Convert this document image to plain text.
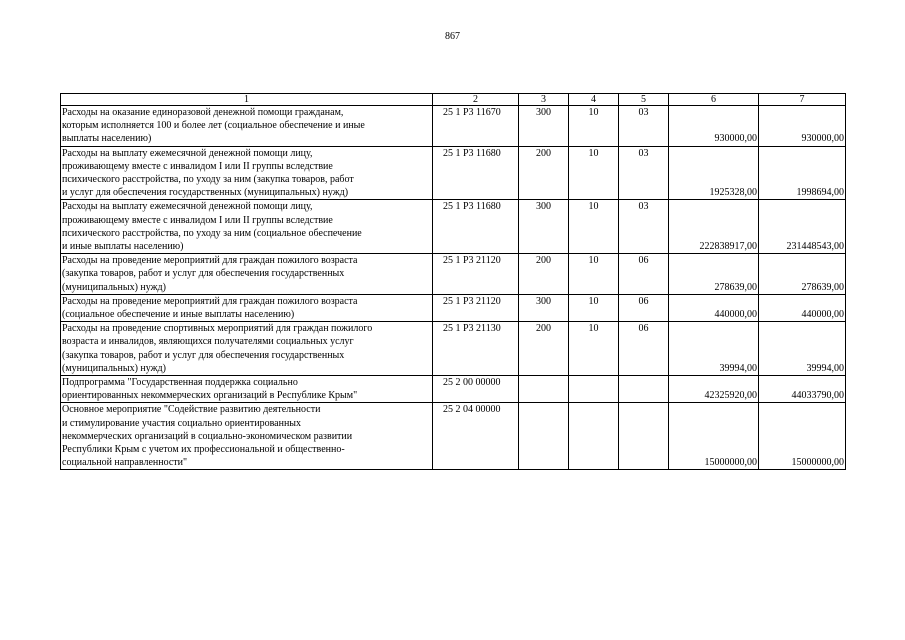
867
1	2	3	4	5	6	7

Расходы на оказание единоразовой денежной помощи гражданам,
которым исполняется 100 и более лет (социальное обеспечение и иные
выплаты населению)	25 1 Р3 11670	300	10	03	930000,00	930000,00

Расходы на выплату ежемесячной денежной помощи лицу,
проживающему вместе с инвалидом I или II группы вследствие
психического расстройства, по уходу за ним (закупка товаров, работ
и услуг для обеспечения государственных (муниципальных) нужд)	25 1 Р3 11680	200	10	03	1925328,00	1998694,00

Расходы на выплату ежемесячной денежной помощи лицу,
проживающему вместе с инвалидом I или II группы вследствие
психического расстройства, по уходу за ним (социальное обеспечение
и иные выплаты населению)	25 1 Р3 11680	300	10	03	222838917,00	231448543,00

Расходы на проведение мероприятий для граждан пожилого возраста
(закупка товаров, работ и услуг для обеспечения государственных
(муниципальных) нужд)	25 1 Р3 21120	200	10	06	278639,00	278639,00

Расходы на проведение мероприятий для граждан пожилого возраста
(социальное обеспечение и иные выплаты населению)	25 1 Р3 21120	300	10	06	440000,00	440000,00

Расходы на проведение спортивных мероприятий для граждан пожилого
возраста и инвалидов, являющихся получателями социальных услуг
(закупка товаров, работ и услуг для обеспечения государственных
(муниципальных) нужд)	25 1 Р3 21130	200	10	06	39994,00	39994,00

Подпрограмма "Государственная поддержка социально
ориентированных некоммерческих организаций в Республике Крым"	25 2 00 00000				42325920,00	44033790,00

Основное мероприятие "Содействие развитию деятельности
и стимулирование участия социально ориентированных
некоммерческих организаций в социально-экономическом развитии
Республики Крым с учетом их профессиональной и общественно-
социальной направленности"	25 2 04 00000				15000000,00	15000000,00
